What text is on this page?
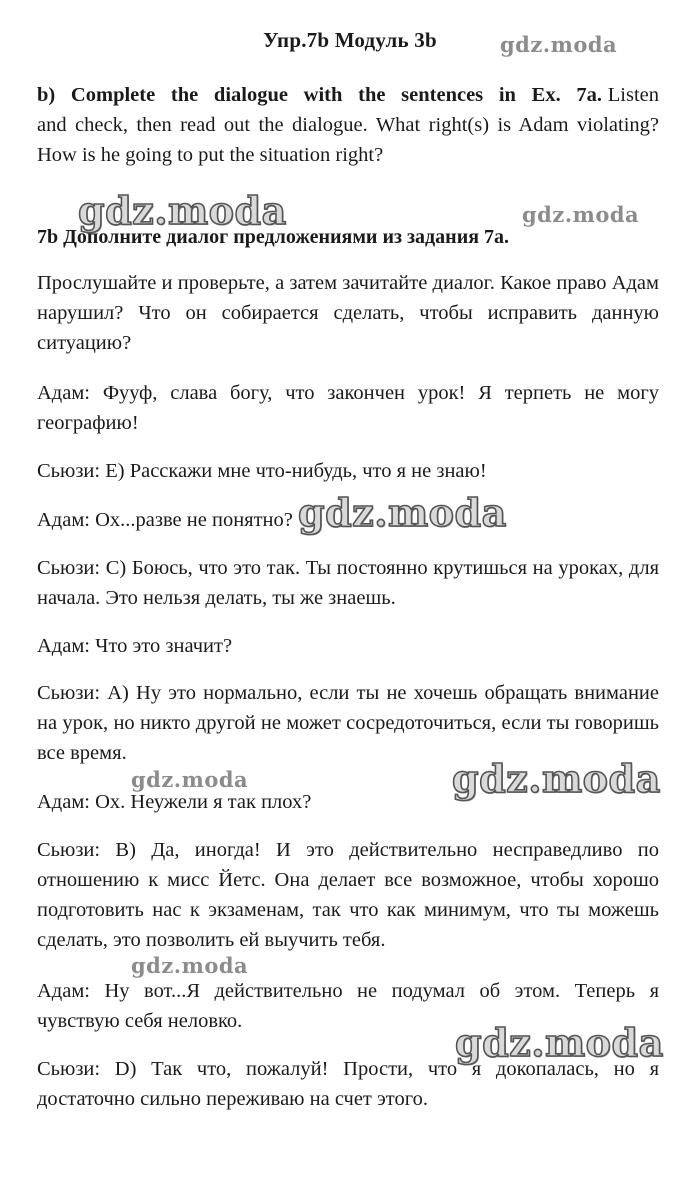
Упр.7b Модуль 3b	gdz.moda

b) Complete the dialogue with the sentences in Ex. 7a. Listen and check, then read out the dialogue. What right(s) is Adam violating? How is he going to put the situation right?

7b Дополните диалог предложениями из задания 7a.

Прослушайте и проверьте, а затем зачитайте диалог. Какое право Адам нарушил? Что он собирается сделать, чтобы исправить данную ситуацию?

Адам: Фууф, слава богу, что закончен урок! Я терпеть не могу географию!

Сьюзи: E) Расскажи мне что-нибудь, что я не знаю!

Адам: Ох...разве не понятно?

Сьюзи: C) Боюсь, что это так. Ты постоянно крутишься на уроках, для начала. Это нельзя делать, ты же знаешь.

Адам: Что это значит?

Сьюзи: A) Ну это нормально, если ты не хочешь обращать внимание на урок, но никто другой не может сосредоточиться, если ты говоришь все время.

Адам: Ох. Неужели я так плох?

Сьюзи: B) Да, иногда! И это действительно несправедливо по отношению к мисс Йетс. Она делает все возможное, чтобы хорошо подготовить нас к экзаменам, так что как минимум, что ты можешь сделать, это позволить ей выучить тебя.

Адам: Ну вот...Я действительно не подумал об этом. Теперь я чувствую себя неловко.

Сьюзи: D) Так что, пожалуй! Прости, что я докопалась, но я достаточно сильно переживаю на счет этого.

gdz.moda	gdz.moda
gdz.moda
gdz.moda	gdz.moda
gdz.moda
gdz.moda
